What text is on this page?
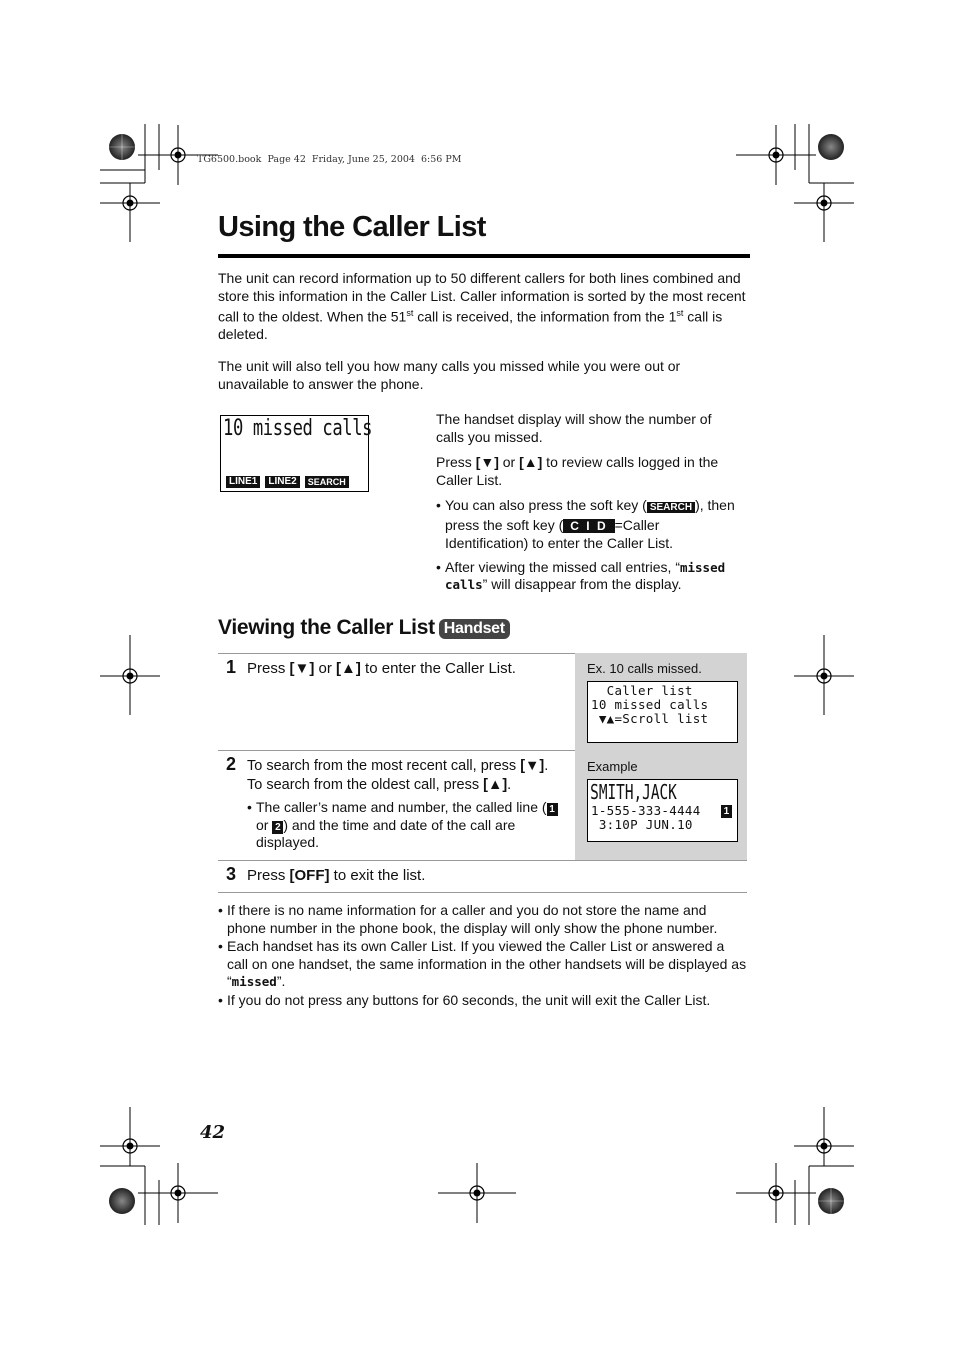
TG6500.book  Page 42  Friday, June 25, 2004  6:56 PM
Using the Caller List
The unit can record information up to 50 different callers for both lines combined and store this information in the Caller List. Caller information is sorted by the most recent call to the oldest. When the 51st call is received, the information from the 1st call is deleted.
The unit will also tell you how many calls you missed while you were out or unavailable to answer the phone.
10 missed calls
LINE1	LINE2	SEARCH

The handset display will show the number of calls you missed.

Press [▼] or [▲] to review calls logged in the Caller List.

• You can also press the soft key ( SEARCH ), then press the soft key ( C I D =Caller Identification) to enter the Caller List.
• After viewing the missed call entries, “missed calls” will disappear from the display.
Viewing the Caller List Handset
1 Press [▼] or [▲] to enter the Caller List.	Ex. 10 calls missed.
Caller list
10 missed calls
▼▲=Scroll list
2 To search from the most recent call, press [▼].
To search from the oldest call, press [▲].
• The caller’s name and number, the called line ( 1 or 2 ) and the time and date of the call are displayed.
Example
SMITH,JACK
1-555-333-4444 1
3:10P JUN.10
3 Press [OFF] to exit the list.
• If there is no name information for a caller and you do not store the name and phone number in the phone book, the display will only show the phone number.
• Each handset has its own Caller List. If you viewed the Caller List or answered a call on one handset, the same information in the other handsets will be displayed as “missed”.
• If you do not press any buttons for 60 seconds, the unit will exit the Caller List.
42
